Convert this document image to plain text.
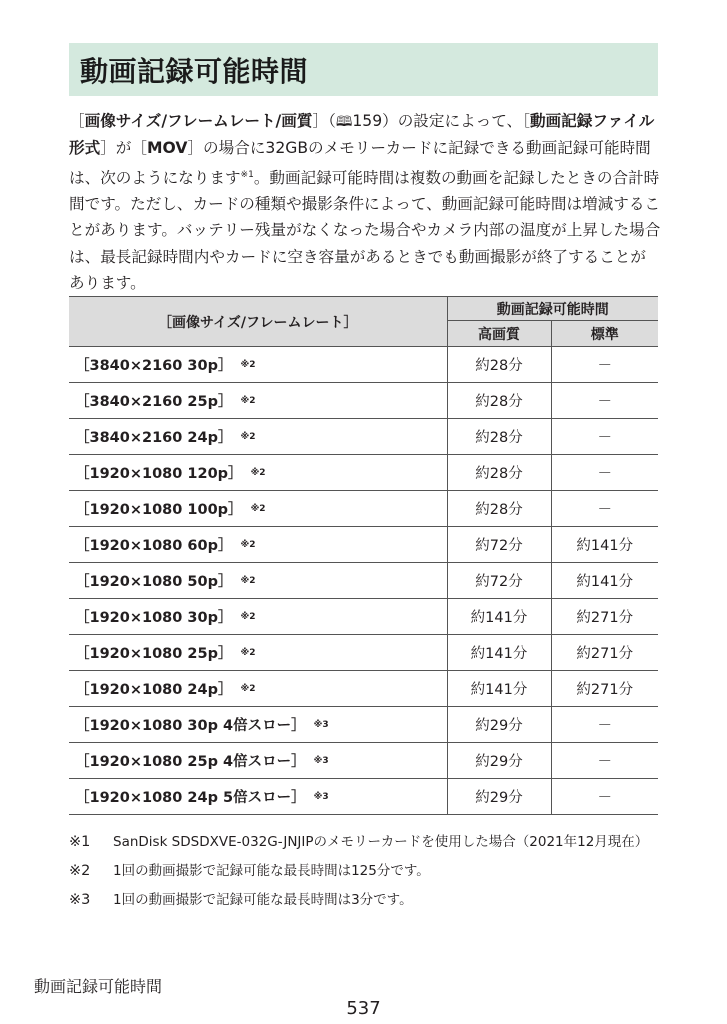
動画記録可能時間

［画像サイズ/フレームレート/画質］（🕮159）の設定によって、［動画記録ファイル形式］が［MOV］の場合に32GBのメモリーカードに記録できる動画記録可能時間は、次のようになります$^{※1}$。動画記録可能時間は複数の動画を記録したときの合計時間です。ただし、カードの種類や撮影条件によって、動画記録可能時間は増減することがあります。バッテリー残量がなくなった場合やカメラ内部の温度が上昇した場合は、最長記録時間内やカードに空き容量があるときでも動画撮影が終了することがあります。

［画像サイズ/フレームレート］	動画記録可能時間	
	高画質	標準
［3840×2160 30p］ $^{※2}$	約28分	－
［3840×2160 25p］ $^{※2}$	約28分	－
［3840×2160 24p］ $^{※2}$	約28分	－
［1920×1080 120p］ $^{※2}$	約28分	－
［1920×1080 100p］ $^{※2}$	約28分	－
［1920×1080 60p］ $^{※2}$	約72分	約141分
［1920×1080 50p］ $^{※2}$	約72分	約141分
［1920×1080 30p］ $^{※2}$	約141分	約271分
［1920×1080 25p］ $^{※2}$	約141分	約271分
［1920×1080 24p］ $^{※2}$	約141分	約271分
［1920×1080 30p 4倍スロー］ $^{※3}$	約29分	－
［1920×1080 25p 4倍スロー］ $^{※3}$	約29分	－
［1920×1080 24p 5倍スロー］ $^{※3}$	約29分	－
※1	SanDisk SDSDXVE-032G-JNJIPのメモリーカードを使用した場合（2021年12月現在）
※2	1回の動画撮影で記録可能な最長時間は125分です。
※3	1回の動画撮影で記録可能な最長時間は3分です。
動画記録可能時間
537
